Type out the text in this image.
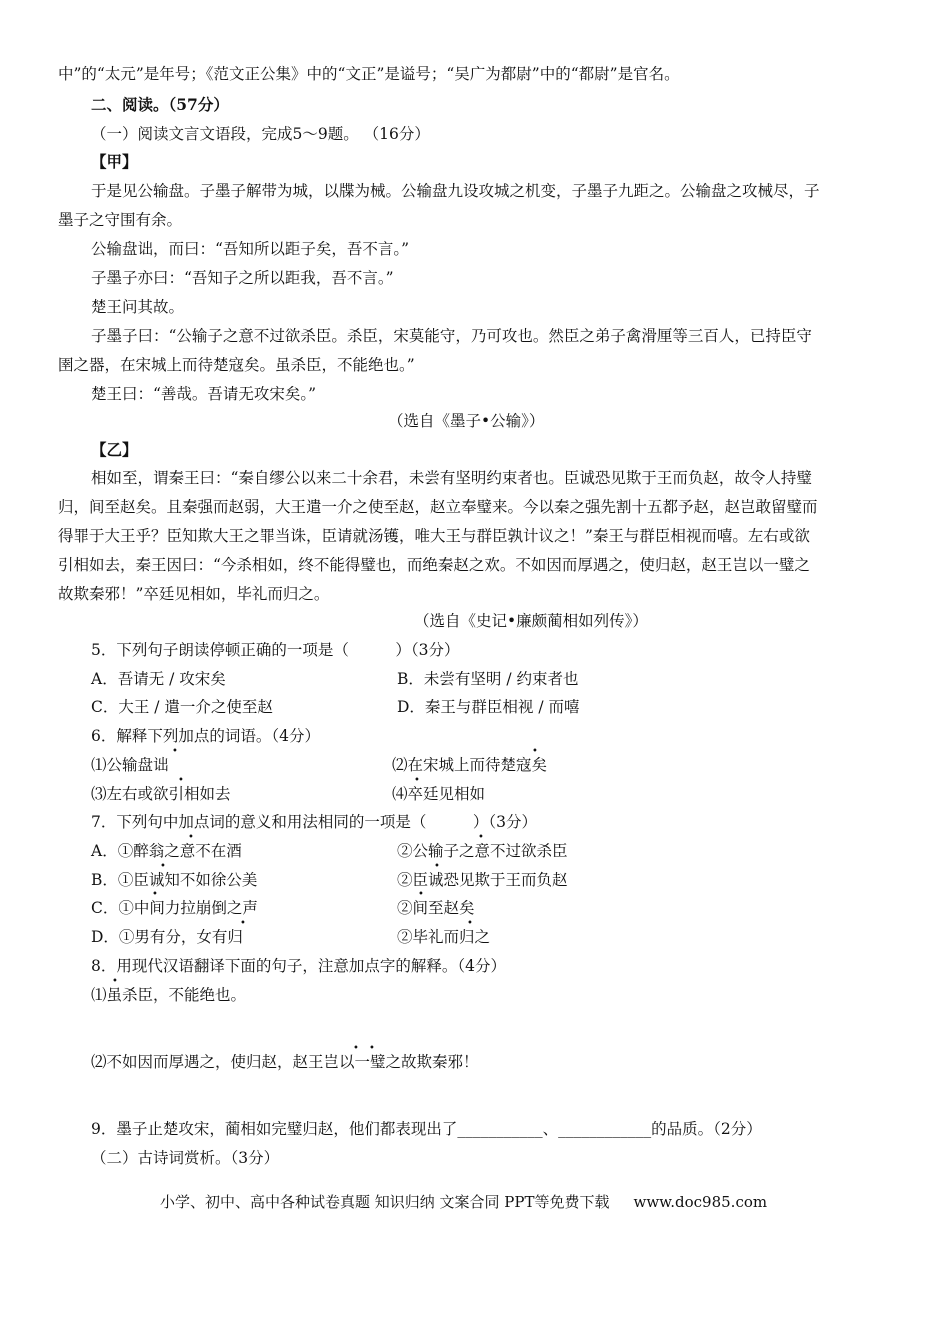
中”的“太元”是年号；《范文正公集》中的“文正”是谥号；“吴广为都尉”中的“都尉”是官名。
二、阅读。（57分）
（一）阅读文言文语段，完成5～9题。 （16分）
【甲】
于是见公输盘。子墨子解带为城，以牒为械。公输盘九设攻城之机变，子墨子九距之。公输盘之攻械尽，子
墨子之守围有余。
公输盘诎，而曰：“吾知所以距子矣，吾不言。”
子墨子亦曰：“吾知子之所以距我，吾不言。”
楚王问其故。
子墨子曰：“公输子之意不过欲杀臣。杀臣，宋莫能守，乃可攻也。然臣之弟子禽滑厘等三百人，已持臣守
圉之器，在宋城上而待楚寇矣。虽杀臣，不能绝也。”
楚王曰：“善哉。吾请无攻宋矣。”
（选自《墨子•公输》）
【乙】
相如至，谓秦王曰：“秦自缪公以来二十余君，未尝有坚明约束者也。臣诚恐见欺于王而负赵，故令人持璧
归，间至赵矣。且秦强而赵弱，大王遣一介之使至赵，赵立奉璧来。今以秦之强先割十五都予赵，赵岂敢留璧而
得罪于大王乎？臣知欺大王之罪当诛，臣请就汤镬，唯大王与群臣孰计议之！”秦王与群臣相视而嘻。左右或欲
引相如去，秦王因曰：“今杀相如，终不能得璧也，而绝秦赵之欢。不如因而厚遇之，使归赵，赵王岂以一璧之
故欺秦邪！”卒廷见相如，毕礼而归之。
（选自《史记•廉颇蔺相如列传》）
5．下列句子朗读停顿正确的一项是（　　　）（3分）
A．吾请无 / 攻宋矣	B．未尝有坚明 / 约束者也
C．大王 / 遣一介之使至赵	D．秦王与群臣相视 / 而嘻
6．解释下列加点的词语。（4分）
⑴公输盘诎
•
⑵在宋城上而待楚寇矣
•
⑶左右或欲引相如去
•
⑷卒廷见相如
•
7．下列句中加点词的意义和用法相同的一项是（　　　）（3分）
A．①醉翁之意不在酒
•
②公输子之意不过欲杀臣
•
B．①臣诚知不如徐公美
•
②臣诚恐见欺于王而负赵
•
C．①中间力拉崩倒之声
•
②间至赵矣
•
D．①男有分，女有归
•
②毕礼而归之
•
8．用现代汉语翻译下面的句子，注意加点字的解释。（4分）
⑴虽杀臣，不能绝也。
•
⑵不如因而厚遇之，使归赵，赵王岂以一璧之故欺秦邪！
• •
9．墨子止楚攻宋，蔺相如完璧归赵，他们都表现出了___________、____________的品质。（2分）
（二）古诗词赏析。（3分）
小学、初中、高中各种试卷真题 知识归纳 文案合同 PPT等免费下载 www.doc985.com
